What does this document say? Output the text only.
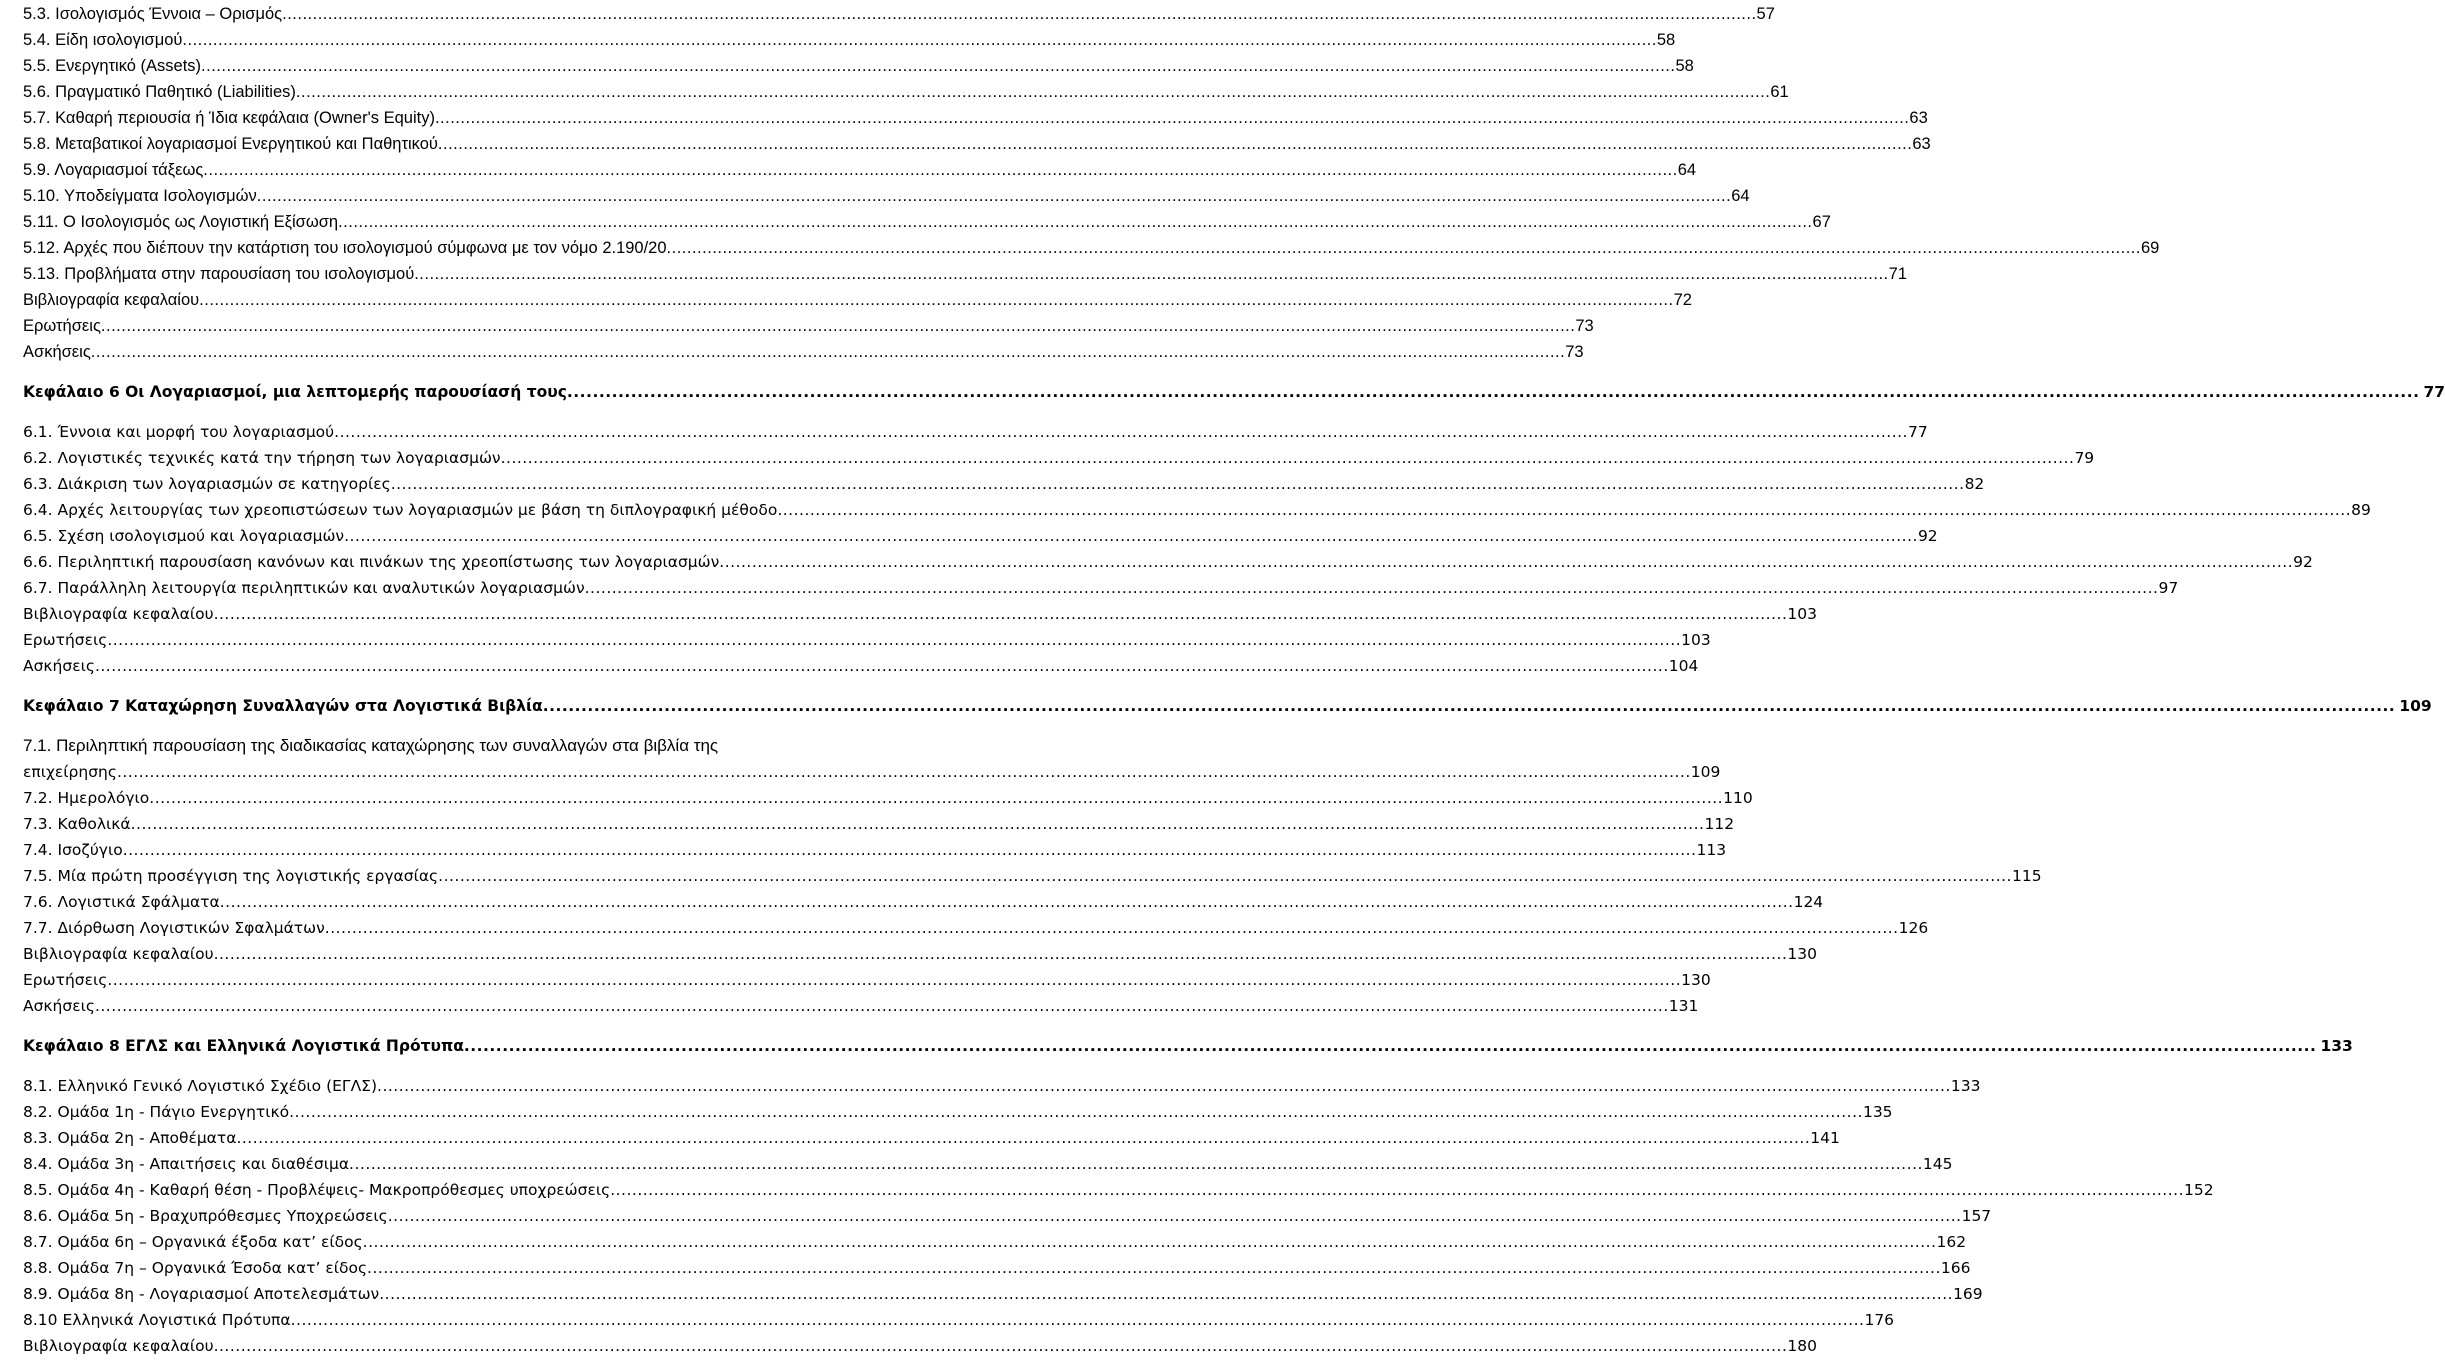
5.3. Ισολογισμός Έννοια – Ορισμός .....	57
5.4. Είδη ισολογισμού .....	58
5.5. Ενεργητικό (Assets) .....	58
5.6. Πραγματικό Παθητικό (Liabilities) .....	61
5.7. Καθαρή περιουσία ή Ίδια κεφάλαια (Owner's Equity) .....	63
5.8. Μεταβατικοί λογαριασμοί Ενεργητικού και Παθητικού .....	63
5.9. Λογαριασμοί τάξεως .....	64
5.10. Υποδείγματα Ισολογισμών .....	64
5.11. Ο Ισολογισμός ως Λογιστική Εξίσωση .....	67
5.12. Αρχές που διέπουν την κατάρτιση του ισολογισμού σύμφωνα με τον νόμο 2.190/20 .....	69
5.13. Προβλήματα στην παρουσίαση του ισολογισμού .....	71
Βιβλιογραφία κεφαλαίου .....	72
Ερωτήσεις .....	73
Ασκήσεις .....	73
Κεφάλαιο 6 Οι Λογαριασμοί, μια λεπτομερής παρουσίασή τους .....	77
6.1. Έννοια και μορφή του λογαριασμού .....	77
6.2. Λογιστικές τεχνικές κατά την τήρηση των λογαριασμών .....	79
6.3. Διάκριση των λογαριασμών σε κατηγορίες .....	82
6.4. Αρχές λειτουργίας των χρεοπιστώσεων των λογαριασμών με βάση τη διπλογραφική μέθοδο .....	89
6.5. Σχέση ισολογισμού και λογαριασμών .....	92
6.6. Περιληπτική παρουσίαση κανόνων και πινάκων της χρεοπίστωσης των λογαριασμών .....	92
6.7. Παράλληλη λειτουργία περιληπτικών και αναλυτικών λογαριασμών .....	97
Βιβλιογραφία κεφαλαίου .....	103
Ερωτήσεις .....	103
Ασκήσεις .....	104
Κεφάλαιο 7 Καταχώρηση Συναλλαγών στα Λογιστικά Βιβλία .....	109
7.1. Περιληπτική παρουσίαση της διαδικασίας καταχώρησης των συναλλαγών στα βιβλία της
επιχείρησης .....	109
7.2. Ημερολόγιο .....	110
7.3. Καθολικά .....	112
7.4. Ισοζύγιο .....	113
7.5. Μία πρώτη προσέγγιση της λογιστικής εργασίας .....	115
7.6. Λογιστικά Σφάλματα .....	124
7.7. Διόρθωση Λογιστικών Σφαλμάτων .....	126
Βιβλιογραφία κεφαλαίου .....	130
Ερωτήσεις .....	130
Ασκήσεις .....	131
Κεφάλαιο 8 ΕΓΛΣ και Ελληνικά Λογιστικά Πρότυπα .....	133
8.1. Ελληνικό Γενικό Λογιστικό Σχέδιο (ΕΓΛΣ) .....	133
8.2. Ομάδα 1η - Πάγιο Ενεργητικό .....	135
8.3. Ομάδα 2η - Αποθέματα .....	141
8.4. Ομάδα 3η - Απαιτήσεις και διαθέσιμα .....	145
8.5. Ομάδα 4η - Καθαρή θέση - Προβλέψεις- Μακροπρόθεσμες υποχρεώσεις .....	152
8.6. Ομάδα 5η - Βραχυπρόθεσμες Υποχρεώσεις .....	157
8.7. Ομάδα 6η – Οργανικά έξοδα κατ’ είδος .....	162
8.8. Ομάδα 7η – Οργανικά Έσοδα κατ’ είδος .....	166
8.9. Ομάδα 8η - Λογαριασμοί Αποτελεσμάτων .....	169
8.10 Ελληνικά Λογιστικά Πρότυπα .....	176
Βιβλιογραφία κεφαλαίου .....	180
